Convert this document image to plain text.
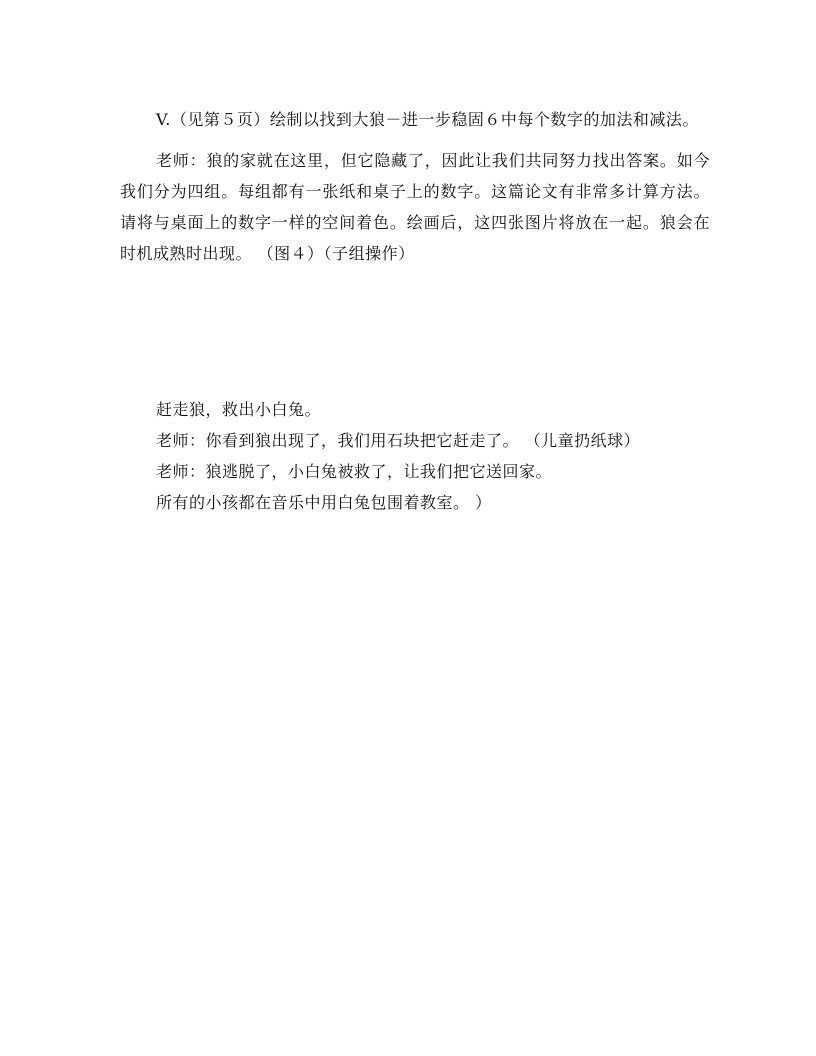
V.（见第５页）绘制以找到大狼－进一步稳固６中每个数字的加法和减法。

老师：狼的家就在这里，但它隐藏了，因此让我们共同努力找出答案。如今我们分为四组。每组都有一张纸和桌子上的数字。这篇论文有非常多计算方法。请将与桌面上的数字一样的空间着色。绘画后，这四张图片将放在一起。狼会在时机成熟时出现。 （图４）（子组操作）

赶走狼，救出小白兔。

老师：你看到狼出现了，我们用石块把它赶走了。 （儿童扔纸球）

老师：狼逃脱了，小白兔被救了，让我们把它送回家。

所有的小孩都在音乐中用白兔包围着教室。 ）
